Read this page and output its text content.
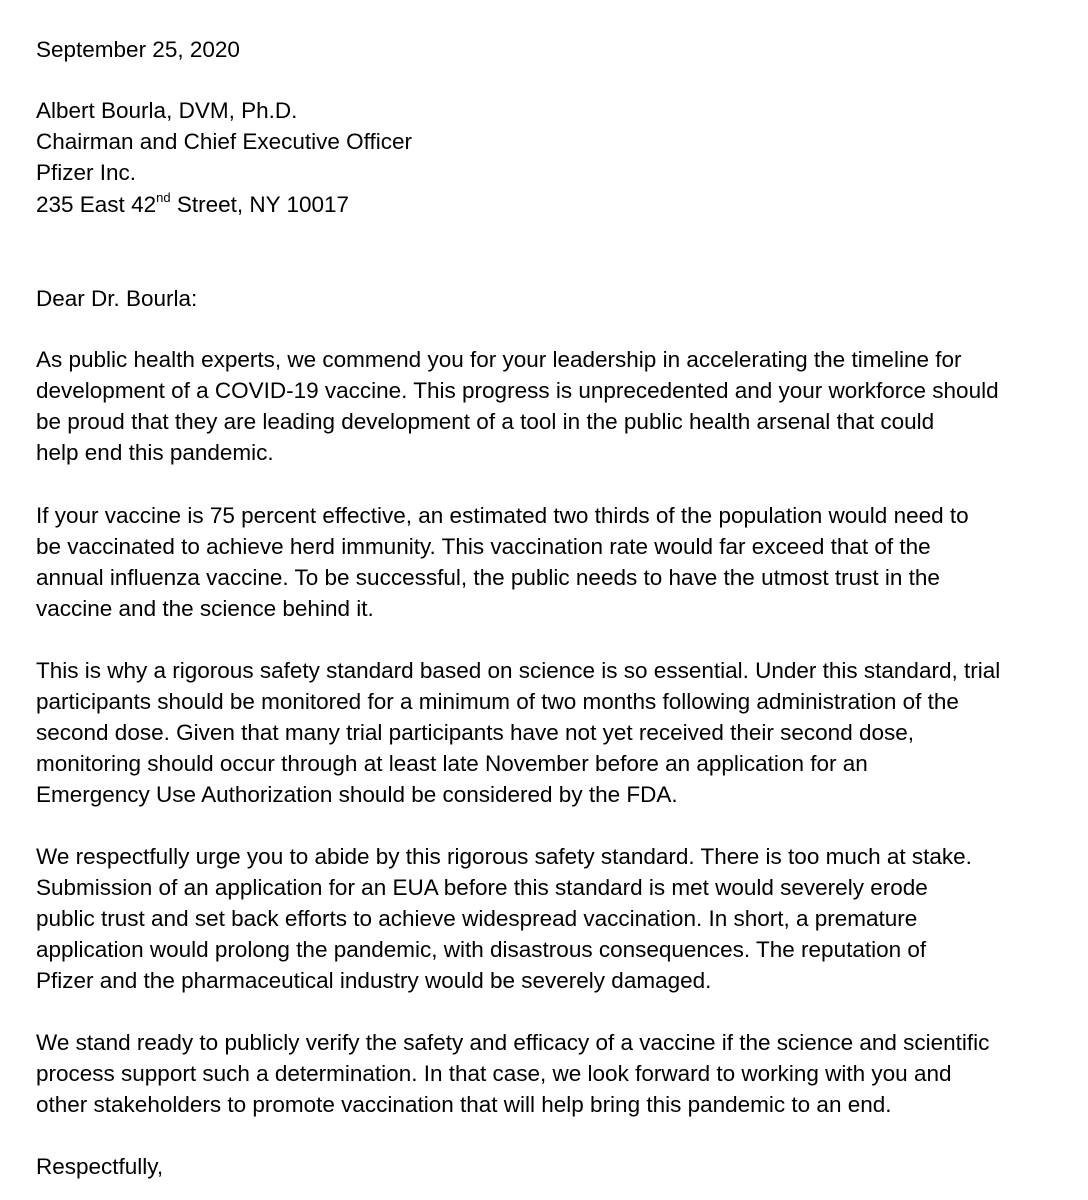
September 25, 2020

Albert Bourla, DVM, Ph.D.

Chairman and Chief Executive Officer

Pfizer Inc.

235 East 42nd Street, NY 10017

Dear Dr. Bourla:

As public health experts, we commend you for your leadership in accelerating the timeline for

development of a COVID-19 vaccine. This progress is unprecedented and your workforce should

be proud that they are leading development of a tool in the public health arsenal that could

help end this pandemic.

If your vaccine is 75 percent effective, an estimated two thirds of the population would need to

be vaccinated to achieve herd immunity. This vaccination rate would far exceed that of the

annual influenza vaccine. To be successful, the public needs to have the utmost trust in the

vaccine and the science behind it.

This is why a rigorous safety standard based on science is so essential. Under this standard, trial

participants should be monitored for a minimum of two months following administration of the

second dose. Given that many trial participants have not yet received their second dose,

monitoring should occur through at least late November before an application for an

Emergency Use Authorization should be considered by the FDA.

We respectfully urge you to abide by this rigorous safety standard. There is too much at stake.

Submission of an application for an EUA before this standard is met would severely erode

public trust and set back efforts to achieve widespread vaccination. In short, a premature

application would prolong the pandemic, with disastrous consequences. The reputation of

Pfizer and the pharmaceutical industry would be severely damaged.

We stand ready to publicly verify the safety and efficacy of a vaccine if the science and scientific

process support such a determination. In that case, we look forward to working with you and

other stakeholders to promote vaccination that will help bring this pandemic to an end.

Respectfully,
